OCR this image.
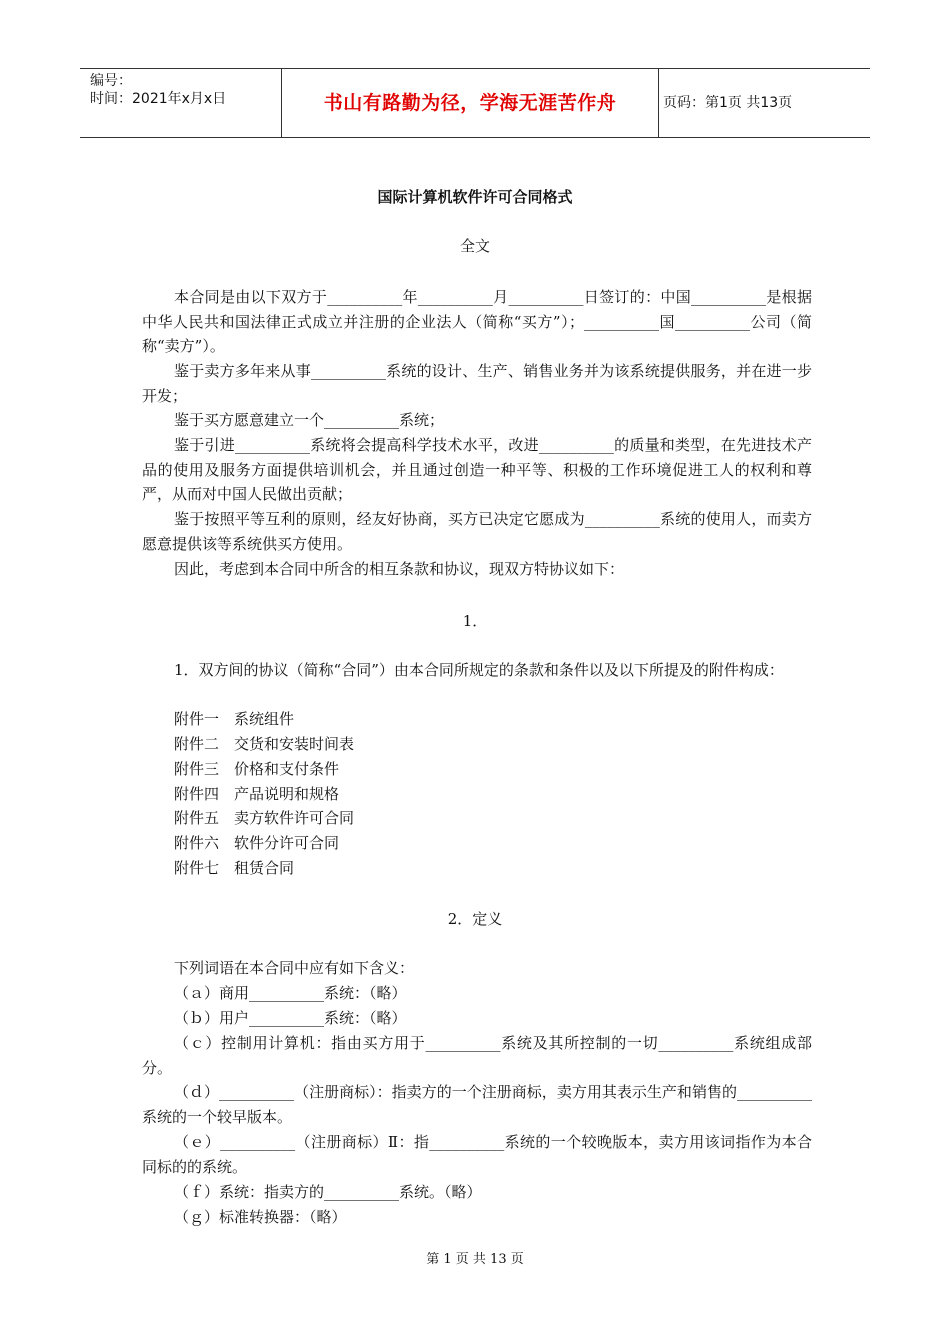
编号：
时间：2021年x月x日	书山有路勤为径，学海无涯苦作舟	页码：第1页 共13页
国际计算机软件许可合同格式
全文
本合同是由以下双方于__________年__________月__________日签订的：中国__________是根据中华人民共和国法律正式成立并注册的企业法人（简称“买方”）；__________国__________公司（简称“卖方”）。
鉴于卖方多年来从事__________系统的设计、生产、销售业务并为该系统提供服务，并在进一步开发；
鉴于买方愿意建立一个__________系统；
鉴于引进__________系统将会提高科学技术水平，改进__________的质量和类型，在先进技术产品的使用及服务方面提供培训机会，并且通过创造一种平等、积极的工作环境促进工人的权利和尊严，从而对中国人民做出贡献；
鉴于按照平等互利的原则，经友好协商，买方已决定它愿成为__________系统的使用人，而卖方愿意提供该等系统供买方使用。
因此，考虑到本合同中所含的相互条款和协议，现双方特协议如下：
1．
1．双方间的协议（简称“合同”）由本合同所规定的条款和条件以及以下所提及的附件构成：
附件一　系统组件
附件二　交货和安装时间表
附件三　价格和支付条件
附件四　产品说明和规格
附件五　卖方软件许可合同
附件六　软件分许可合同
附件七　租赁合同
2．定义
下列词语在本合同中应有如下含义：
（ａ）商用__________系统：（略）
（ｂ）用户__________系统：（略）
（ｃ）控制用计算机：指由买方用于__________系统及其所控制的一切__________系统组成部分。
（ｄ）__________（注册商标）：指卖方的一个注册商标，卖方用其表示生产和销售的__________系统的一个较早版本。
（ｅ）__________（注册商标）Ⅱ：指__________系统的一个较晚版本，卖方用该词指作为本合同标的的系统。
（ｆ）系统：指卖方的__________系统。（略）
（ｇ）标准转换器：（略）
第 1 页 共 13 页
